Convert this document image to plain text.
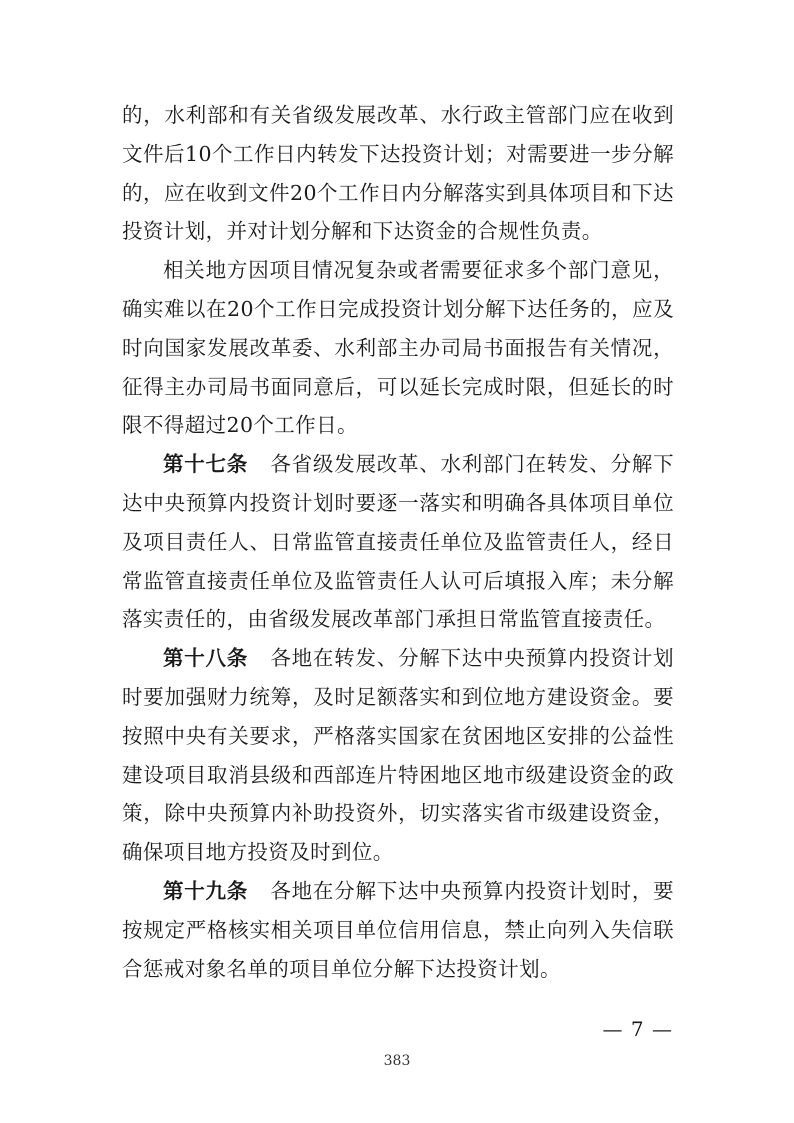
的，水利部和有关省级发展改革、水行政主管部门应在收到文件后10个工作日内转发下达投资计划；对需要进一步分解的，应在收到文件20个工作日内分解落实到具体项目和下达投资计划，并对计划分解和下达资金的合规性负责。

相关地方因项目情况复杂或者需要征求多个部门意见，确实难以在20个工作日完成投资计划分解下达任务的，应及时向国家发展改革委、水利部主办司局书面报告有关情况，征得主办司局书面同意后，可以延长完成时限，但延长的时限不得超过20个工作日。

第十七条 各省级发展改革、水利部门在转发、分解下达中央预算内投资计划时要逐一落实和明确各具体项目单位及项目责任人、日常监管直接责任单位及监管责任人，经日常监管直接责任单位及监管责任人认可后填报入库；未分解落实责任的，由省级发展改革部门承担日常监管直接责任。

第十八条 各地在转发、分解下达中央预算内投资计划时要加强财力统筹，及时足额落实和到位地方建设资金。要按照中央有关要求，严格落实国家在贫困地区安排的公益性建设项目取消县级和西部连片特困地区地市级建设资金的政策，除中央预算内补助投资外，切实落实省市级建设资金，确保项目地方投资及时到位。

第十九条 各地在分解下达中央预算内投资计划时，要按规定严格核实相关项目单位信用信息，禁止向列入失信联合惩戒对象名单的项目单位分解下达投资计划。

— 7 —
383
